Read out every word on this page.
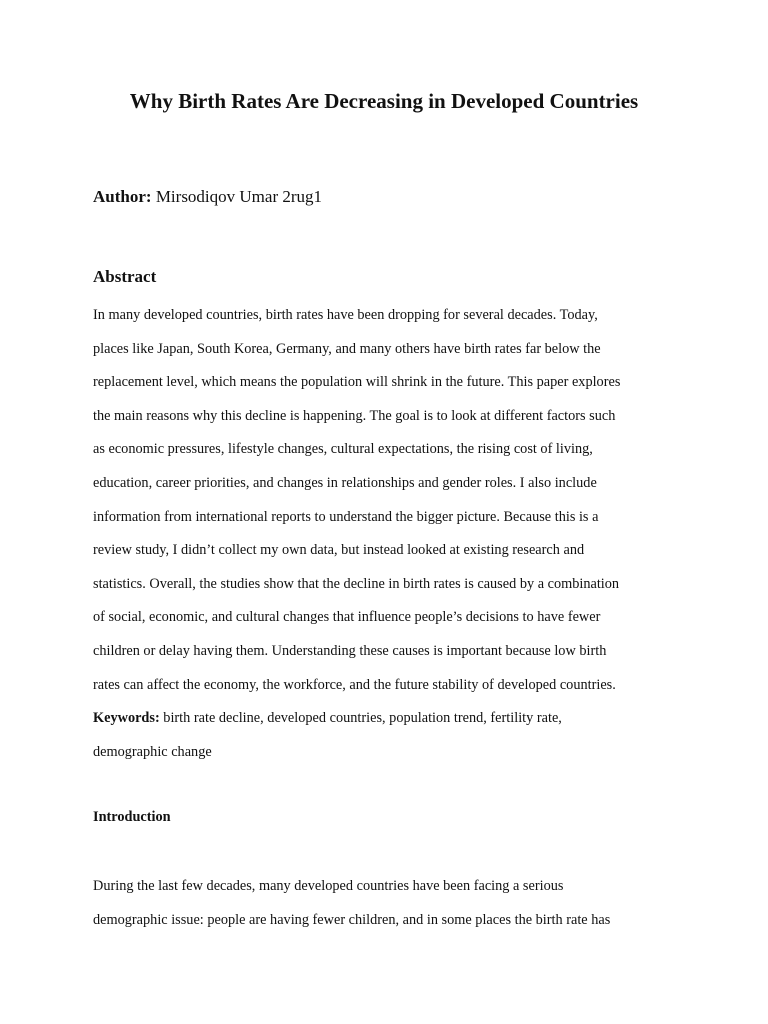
Why Birth Rates Are Decreasing in Developed Countries

Author: Mirsodiqov Umar 2rug1

Abstract
In many developed countries, birth rates have been dropping for several decades. Today,
places like Japan, South Korea, Germany, and many others have birth rates far below the
replacement level, which means the population will shrink in the future. This paper explores
the main reasons why this decline is happening. The goal is to look at different factors such
as economic pressures, lifestyle changes, cultural expectations, the rising cost of living,
education, career priorities, and changes in relationships and gender roles. I also include
information from international reports to understand the bigger picture. Because this is a
review study, I didn’t collect my own data, but instead looked at existing research and
statistics. Overall, the studies show that the decline in birth rates is caused by a combination
of social, economic, and cultural changes that influence people’s decisions to have fewer
children or delay having them. Understanding these causes is important because low birth
rates can affect the economy, the workforce, and the future stability of developed countries.
Keywords: birth rate decline, developed countries, population trend, fertility rate,
demographic change
Introduction
During the last few decades, many developed countries have been facing a serious
demographic issue: people are having fewer children, and in some places the birth rate has
